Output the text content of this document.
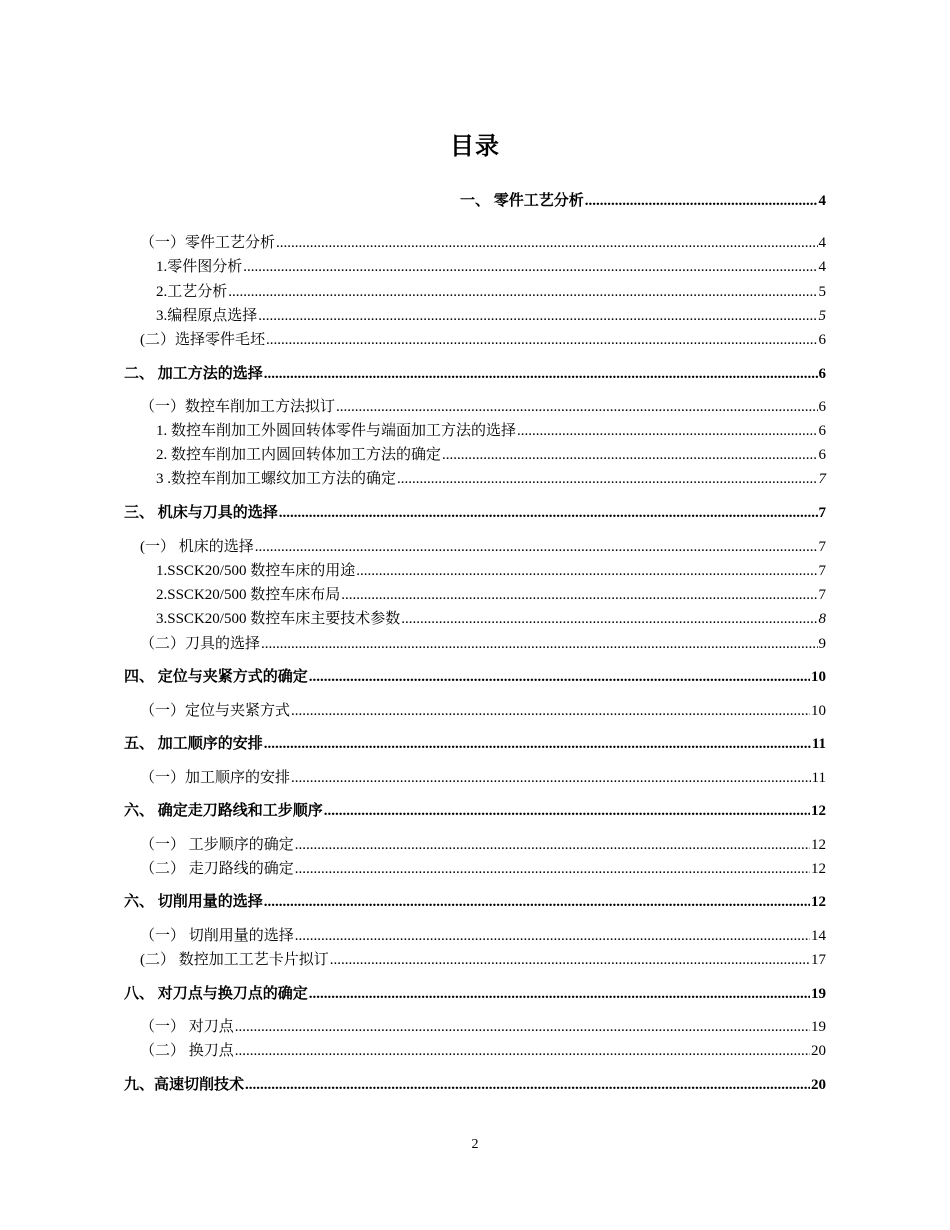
目录
一、 零件工艺分析 .....	4
（一）零件工艺分析 .....	4
1.零件图分析 .....	4
2.工艺分析 .....	5
3.编程原点选择 .....	5
(二）选择零件毛坯 .....	6
二、 加工方法的选择 .....	6
（一）数控车削加工方法拟订 .....	6
1. 数控车削加工外圆回转体零件与端面加工方法的选择 .....	6
2. 数控车削加工内圆回转体加工方法的确定 .....	6
3 .数控车削加工螺纹加工方法的确定 .....	7
三、 机床与刀具的选择 .....	7
(一） 机床的选择 .....	7
1.SSCK20/500 数控车床的用途 .....	7
2.SSCK20/500 数控车床布局 .....	7
3.SSCK20/500 数控车床主要技术参数 .....	8
（二）刀具的选择 .....	9
四、 定位与夹紧方式的确定 .....	10
（一）定位与夹紧方式 .....	10
五、 加工顺序的安排 .....	11
（一）加工顺序的安排 .....	11
六、 确定走刀路线和工步顺序 .....	12
（一） 工步顺序的确定 .....	12
（二） 走刀路线的确定 .....	12
六、 切削用量的选择 .....	12
（一） 切削用量的选择 .....	14
(二） 数控加工工艺卡片拟订 .....	17
八、 对刀点与换刀点的确定 .....	19
（一） 对刀点 .....	19
（二） 换刀点 .....	20
九、高速切削技术 .....	20
2
